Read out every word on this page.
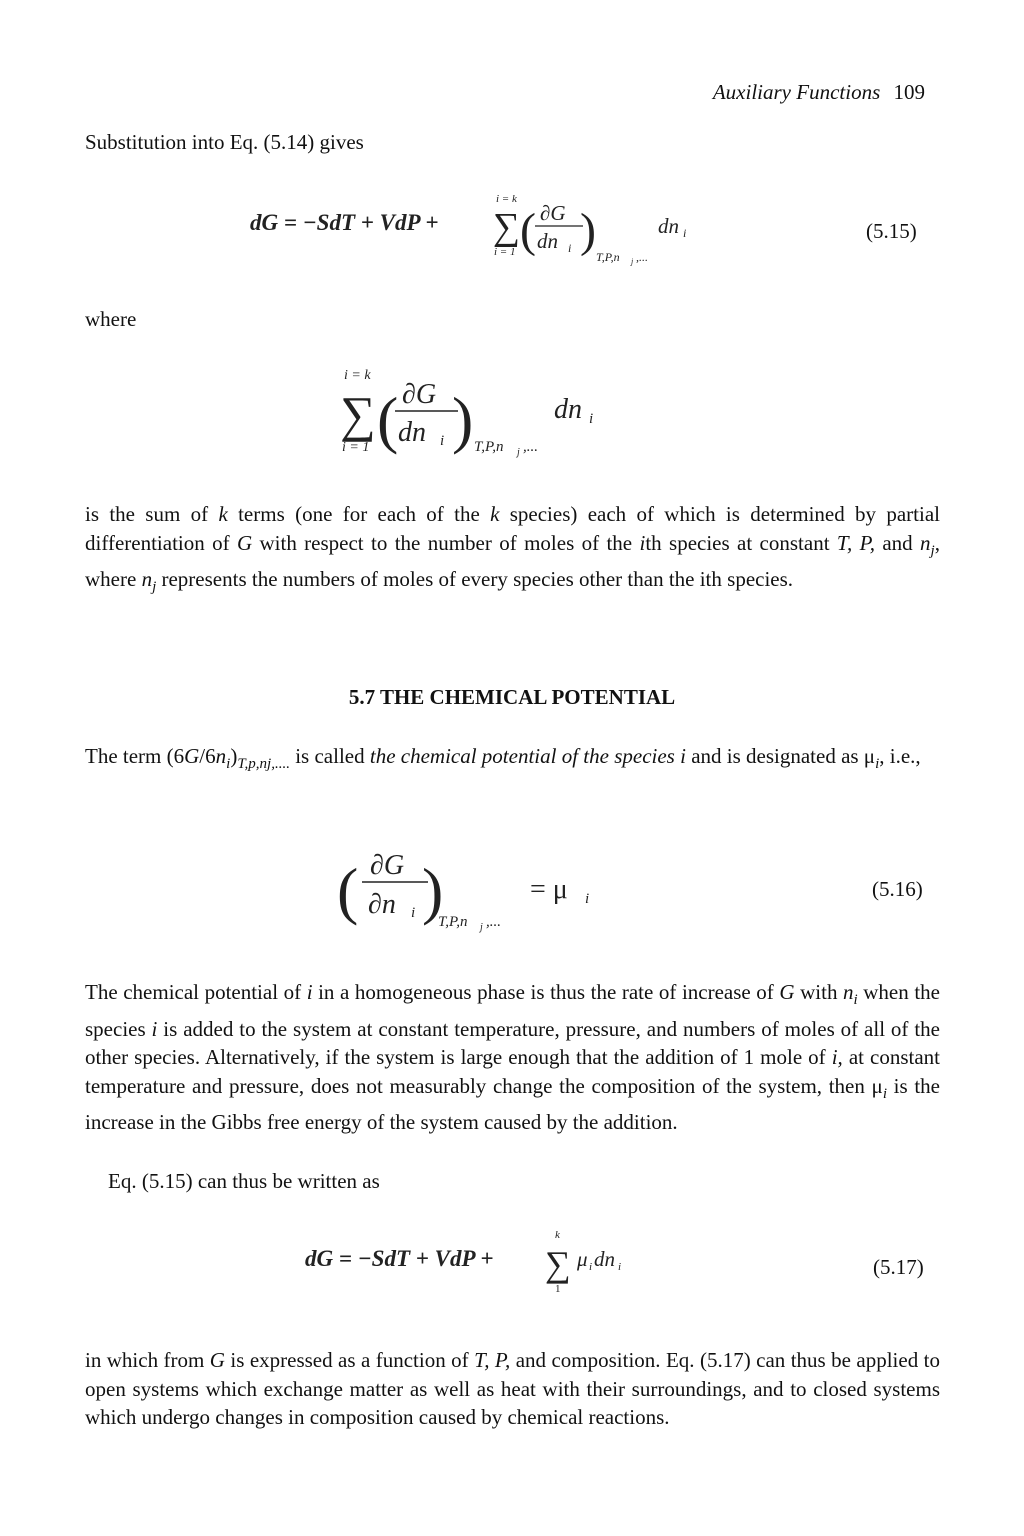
Auxiliary Functions 109
Substitution into Eq. (5.14) gives
dG = −SdT + VdP +
i = k
∑
i = 1 ( ∂G
dn i ) T,P,n j ,...
dn i	(5.15)
where
i = k
∑
i = 1 ( ∂G
dn i ) T,P,n j ,...
dn i
is the sum of k terms (one for each of the k species) each of which is determined by partial differentiation of G with respect to the number of moles of the ith species at constant T, P, and $n_j$, where $n_j$ represents the numbers of moles of every species other than the ith species.
5.7 THE CHEMICAL POTENTIAL
The term $(6G/6n_i)_{T,p,nj,....}$ is called the chemical potential of the species i and is designated as $\mu_i$, i.e.,
( ∂G
∂n i )
T,P,n j ,...
= μ i	(5.16)
The chemical potential of i in a homogeneous phase is thus the rate of increase of G with $n_i$ when the species i is added to the system at constant temperature, pressure, and numbers of moles of all of the other species. Alternatively, if the system is large enough that the addition of 1 mole of i, at constant temperature and pressure, does not measurably change the composition of the system, then $\mu_i$ is the increase in the Gibbs free energy of the system caused by the addition.
Eq. (5.15) can thus be written as
dG = −SdT + VdP +
k
∑
1
μ i dn i	(5.17)
in which from G is expressed as a function of T, P, and composition. Eq. (5.17) can thus be applied to open systems which exchange matter as well as heat with their surroundings, and to closed systems which undergo changes in composition caused by chemical reactions.
